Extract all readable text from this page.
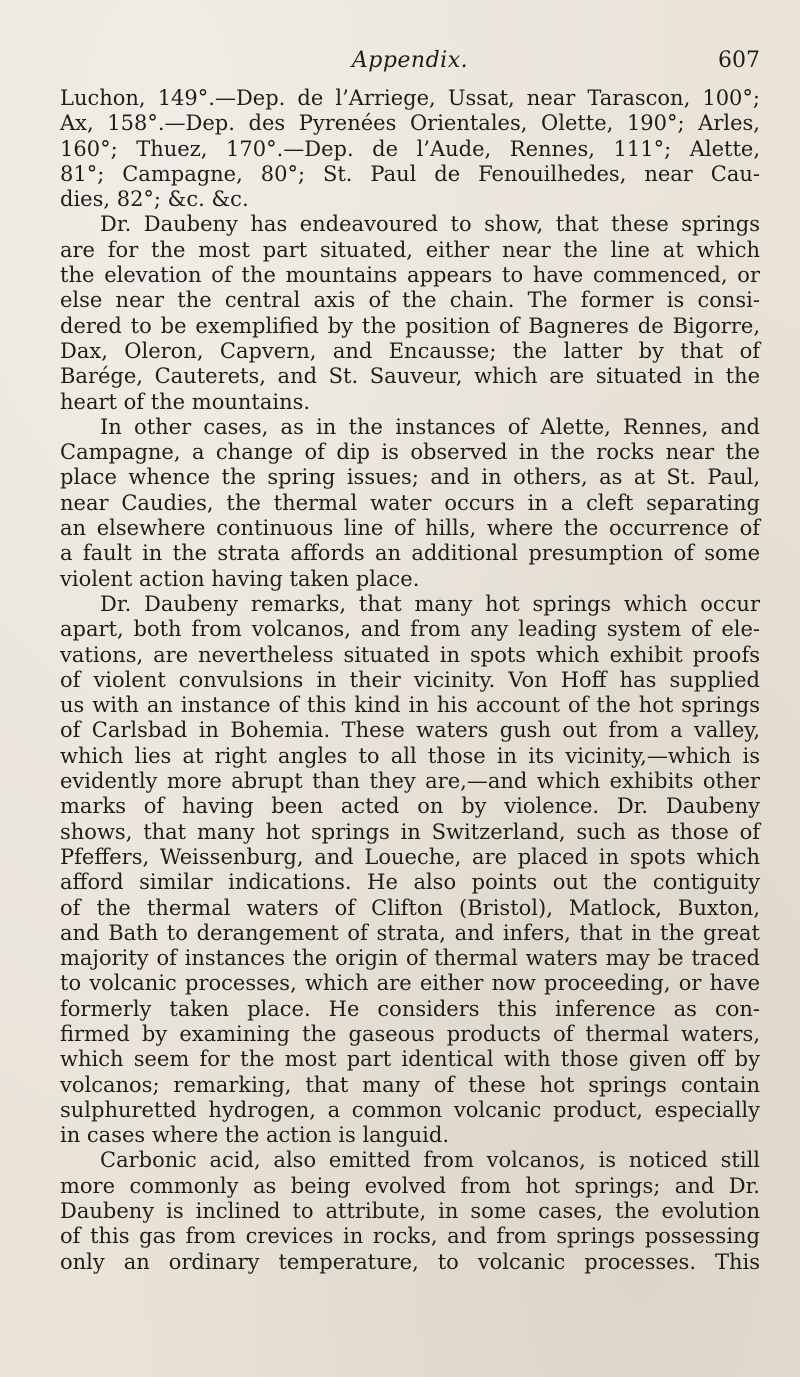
Appendix.	607
Luchon, 149°.—Dep. de l’Arriege, Ussat, near Tarascon, 100°;
Ax, 158°.—Dep. des Pyrenées Orientales, Olette, 190°; Arles,
160°; Thuez, 170°.—Dep. de l’Aude, Rennes, 111°; Alette,
81°; Campagne, 80°; St. Paul de Fenouilhedes, near Cau-
dies, 82°; &c. &c.
Dr. Daubeny has endeavoured to show, that these springs
are for the most part situated, either near the line at which
the elevation of the mountains appears to have commenced, or
else near the central axis of the chain. The former is consi-
dered to be exemplified by the position of Bagneres de Bigorre,
Dax, Oleron, Capvern, and Encausse; the latter by that of
Barége, Cauterets, and St. Sauveur, which are situated in the
heart of the mountains.
In other cases, as in the instances of Alette, Rennes, and
Campagne, a change of dip is observed in the rocks near the
place whence the spring issues; and in others, as at St. Paul,
near Caudies, the thermal water occurs in a cleft separating
an elsewhere continuous line of hills, where the occurrence of
a fault in the strata affords an additional presumption of some
violent action having taken place.
Dr. Daubeny remarks, that many hot springs which occur
apart, both from volcanos, and from any leading system of ele-
vations, are nevertheless situated in spots which exhibit proofs
of violent convulsions in their vicinity. Von Hoff has supplied
us with an instance of this kind in his account of the hot springs
of Carlsbad in Bohemia. These waters gush out from a valley,
which lies at right angles to all those in its vicinity,—which is
evidently more abrupt than they are,—and which exhibits other
marks of having been acted on by violence. Dr. Daubeny
shows, that many hot springs in Switzerland, such as those of
Pfeffers, Weissenburg, and Loueche, are placed in spots which
afford similar indications. He also points out the contiguity
of the thermal waters of Clifton (Bristol), Matlock, Buxton,
and Bath to derangement of strata, and infers, that in the great
majority of instances the origin of thermal waters may be traced
to volcanic processes, which are either now proceeding, or have
formerly taken place. He considers this inference as con-
firmed by examining the gaseous products of thermal waters,
which seem for the most part identical with those given off by
volcanos; remarking, that many of these hot springs contain
sulphuretted hydrogen, a common volcanic product, especially
in cases where the action is languid.
Carbonic acid, also emitted from volcanos, is noticed still
more commonly as being evolved from hot springs; and Dr.
Daubeny is inclined to attribute, in some cases, the evolution
of this gas from crevices in rocks, and from springs possessing
only an ordinary temperature, to volcanic processes. This
